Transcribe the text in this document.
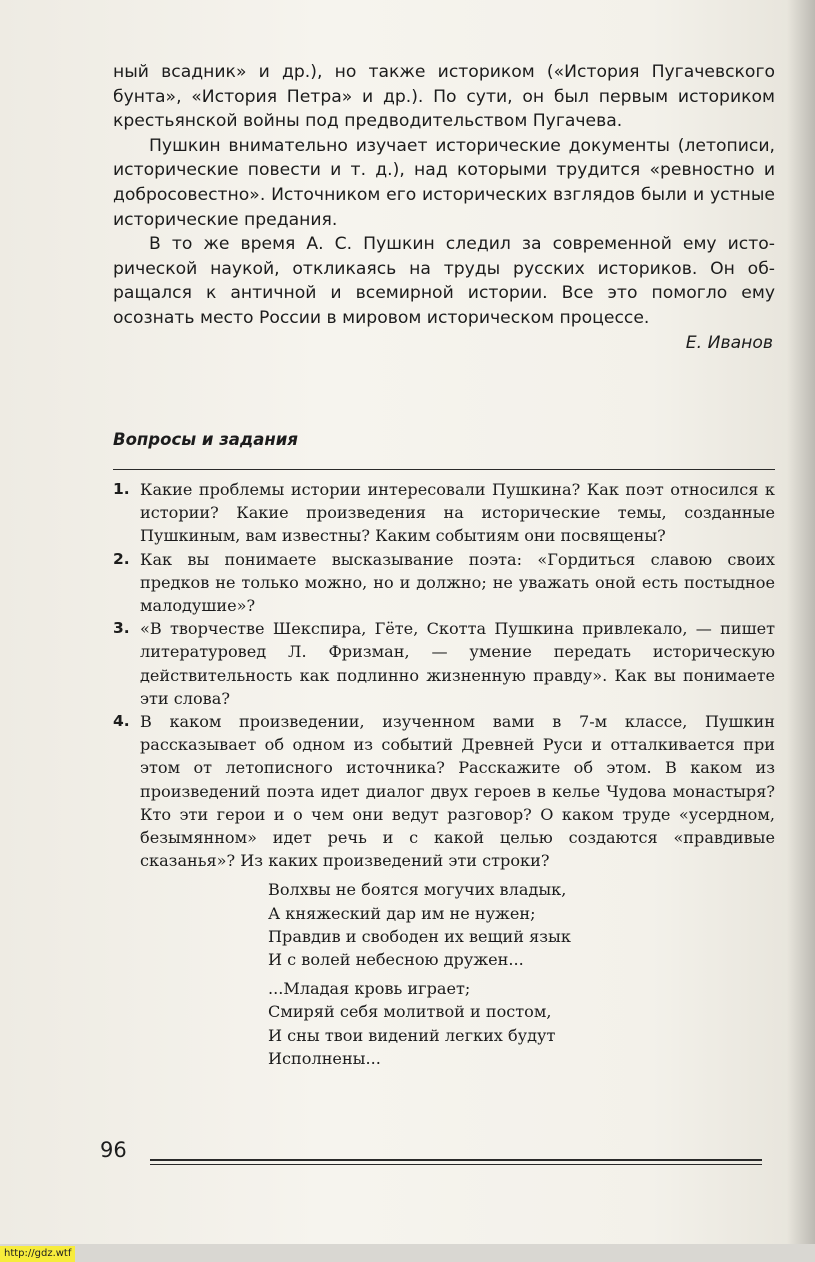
ный всадник» и др.), но также историком («История Пугачевского бунта», «История Петра» и др.). По сути, он был первым историком крестьянской войны под предводительством Пугачева.

Пушкин внимательно изучает исторические документы (летописи, исторические повести и т. д.), над которыми трудится «ревностно и добросовестно». Источником его исторических взглядов были и устные исторические предания.

В то же время А. С. Пушкин следил за современной ему исторической наукой, откликаясь на труды русских историков. Он обращался к античной и всемирной истории. Все это помогло ему осознать место России в мировом историческом процессе.

Е. Иванов

Вопросы и задания
1. Какие проблемы истории интересовали Пушкина? Как поэт относился к истории? Какие произведения на исторические темы, созданные Пушкиным, вам известны? Каким событиям они посвящены?
2. Как вы понимаете высказывание поэта: «Гордиться славою своих предков не только можно, но и должно; не уважать оной есть постыдное малодушие»?
3. «В творчестве Шекспира, Гёте, Скотта Пушкина привлекало, — пишет литературовед Л. Фризман, — умение передать историческую действительность как подлинно жизненную правду». Как вы понимаете эти слова?
4. В каком произведении, изученном вами в 7-м классе, Пушкин рассказывает об одном из событий Древней Руси и отталкивается при этом от летописного источника? Расскажите об этом. В каком из произведений поэта идет диалог двух героев в келье Чудова монастыря? Кто эти герои и о чем они ведут разговор? О каком труде «усердном, безымянном» идет речь и с какой целью создаются «правдивые сказанья»? Из каких произведений эти строки?

Волхвы не боятся могучих владык,

А княжеский дар им не нужен;

Правдив и свободен их вещий язык

И с волей небесною дружен...

...Младая кровь играет;

Смиряй себя молитвой и постом,

И сны твои видений легких будут

Исполнены...

96
http://gdz.wtf
